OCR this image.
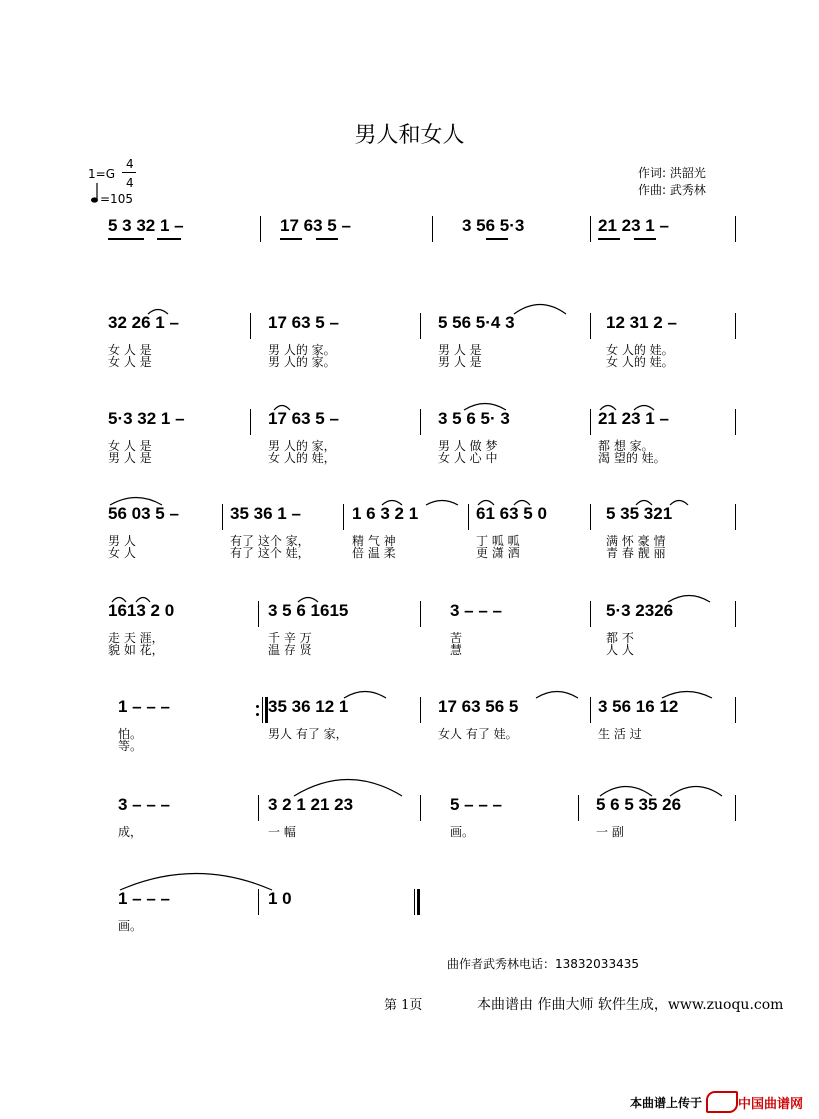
男人和女人
1=G
4
4
=105
作词: 洪韶光
作曲: 武秀林
5 3 32 1 –	17 63 5 –	3 56 5·3	21 23 1 –
32 26 1 –	17 63 5 –	5 56 5·4 3	12 31 2 –
女 人 是
女 人 是
男 人的 家。
男 人的 家。
男 人 是
男 人 是
女 人的 娃。
女 人的 娃。
5·3 32 1 –	17 63 5 –	3 5 6 5· 3	21 23 1 –
女 人 是
男 人 是
男 人的 家，
女 人的 娃，
男 人 做 梦
女 人 心 中
都 想 家。
渴 望的 娃。
56 03 5 –	35 36 1 –	1 6 3 2 1	61 63 5 0	5 35 321
男 人
女 人
有了 这个 家，
有了 这个 娃，
精 气 神
倍 温 柔
丁 呱 呱
更 潇 洒
满 怀 豪 情
青 春 靓 丽
1613 2 0	3 5 6 1615	3 – – –	5·3 2326
走 天 涯，
貌 如 花，
千 辛 万
温 存 贤
苦
慧
都 不
人 人
1 – – –	35 36 12 1	17 63 56 5	3 56 16 12
怕。
等。
男人 有了 家，	女人 有了 娃。	生 活 过
3 – – –	3 2 1 21 23	5 – – –	5 6 5 35 26
成，	一 幅	画。	一 副
1 – – –	1 0
画。
曲作者武秀林电话：13832033435
第 1页	本曲谱由 作曲大师 软件生成，www.zuoqu.com
本曲谱上传于	中国曲谱网
